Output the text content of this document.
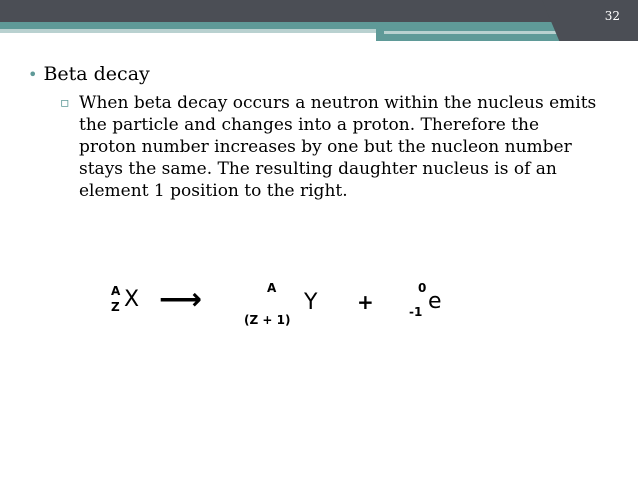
32
• Beta decay
▫ When beta decay occurs a neutron within the nucleus emits the particle and changes into a proton. Therefore the proton number increases by one but the nucleon number stays the same. The resulting daughter nucleus is of an element 1 position to the right.
A
Z X ⟶	A
(Z + 1)
Y +
0
-1 e
